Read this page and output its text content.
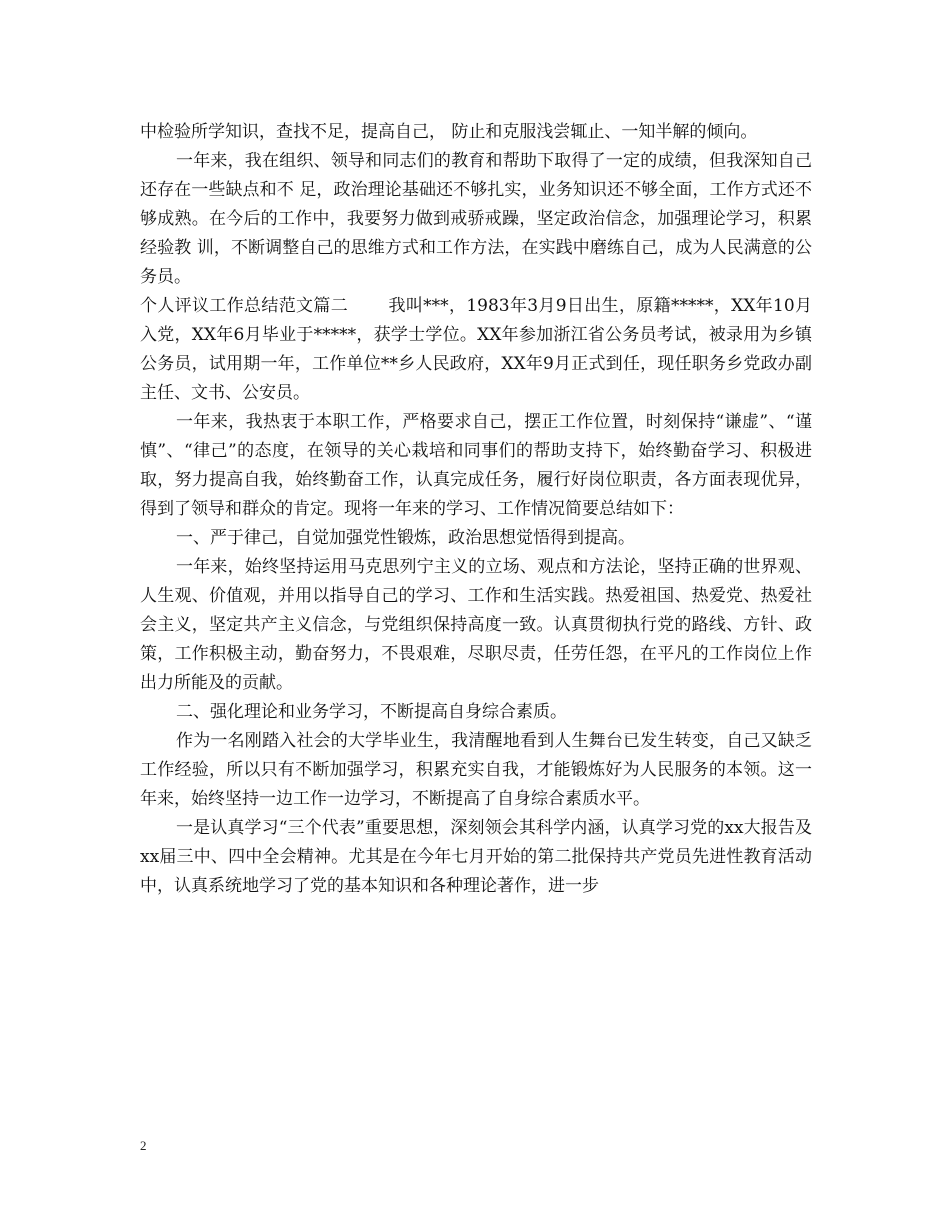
中检验所学知识，查找不足，提高自己， 防止和克服浅尝辄止、一知半解的倾向。

一年来，我在组织、领导和同志们的教育和帮助下取得了一定的成绩，但我深知自己还存在一些缺点和不 足，政治理论基础还不够扎实，业务知识还不够全面，工作方式还不够成熟。在今后的工作中，我要努力做到戒骄戒躁，坚定政治信念，加强理论学习，积累经验教 训，不断调整自己的思维方式和工作方法，在实践中磨练自己，成为人民满意的公务员。

个人评议工作总结范文篇二 　　我叫***，1983年3月9日出生，原籍*****，XX年10月入党，XX年6月毕业于*****，获学士学位。XX年参加浙江省公务员考试，被录用为乡镇公务员，试用期一年，工作单位**乡人民政府，XX年9月正式到任，现任职务乡党政办副主任、文书、公安员。

一年来，我热衷于本职工作，严格要求自己，摆正工作位置，时刻保持“谦虚”、“谨慎”、“律己”的态度，在领导的关心栽培和同事们的帮助支持下，始终勤奋学习、积极进取，努力提高自我，始终勤奋工作，认真完成任务，履行好岗位职责，各方面表现优异，得到了领导和群众的肯定。现将一年来的学习、工作情况简要总结如下：

一、严于律己，自觉加强党性锻炼，政治思想觉悟得到提高。

一年来，始终坚持运用马克思列宁主义的立场、观点和方法论，坚持正确的世界观、人生观、价值观，并用以指导自己的学习、工作和生活实践。热爱祖国、热爱党、热爱社会主义，坚定共产主义信念，与党组织保持高度一致。认真贯彻执行党的路线、方针、政策，工作积极主动，勤奋努力，不畏艰难，尽职尽责，任劳任怨，在平凡的工作岗位上作出力所能及的贡献。

二、强化理论和业务学习，不断提高自身综合素质。

作为一名刚踏入社会的大学毕业生，我清醒地看到人生舞台已发生转变，自己又缺乏工作经验，所以只有不断加强学习，积累充实自我，才能锻炼好为人民服务的本领。这一年来，始终坚持一边工作一边学习，不断提高了自身综合素质水平。

一是认真学习“三个代表”重要思想，深刻领会其科学内涵，认真学习党的xx大报告及xx届三中、四中全会精神。尤其是在今年七月开始的第二批保持共产党员先进性教育活动中，认真系统地学习了党的基本知识和各种理论著作，进一步

2
